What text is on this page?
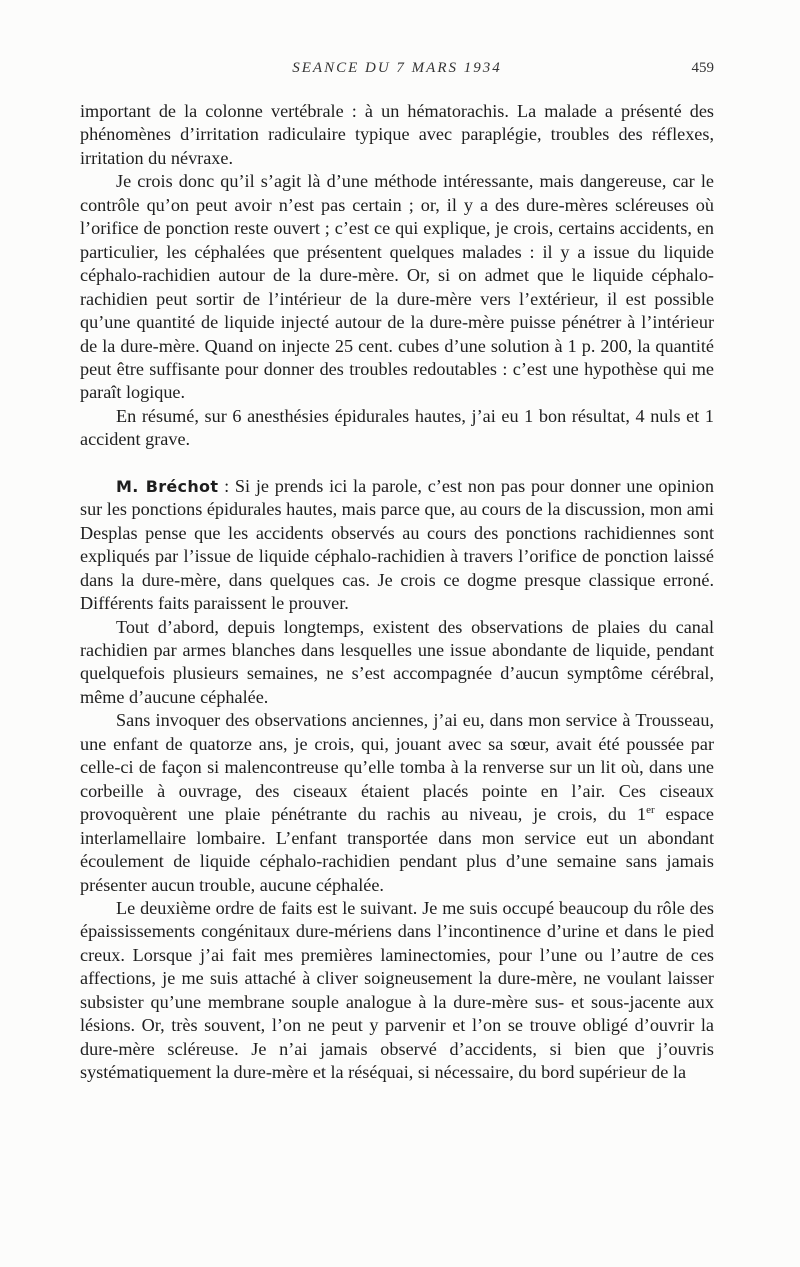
SEANCE DU 7 MARS 1934	459

important de la colonne vertébrale : à un hématorachis. La malade a présenté des phénomènes d’irritation radiculaire typique avec paraplégie, troubles des réflexes, irritation du névraxe.

Je crois donc qu’il s’agit là d’une méthode intéressante, mais dangereuse, car le contrôle qu’on peut avoir n’est pas certain ; or, il y a des dure-mères scléreuses où l’orifice de ponction reste ouvert ; c’est ce qui explique, je crois, certains accidents, en particulier, les céphalées que présentent quelques malades : il y a issue du liquide céphalo-rachidien autour de la dure-mère. Or, si on admet que le liquide céphalo-rachidien peut sortir de l’intérieur de la dure-mère vers l’extérieur, il est possible qu’une quantité de liquide injecté autour de la dure-mère puisse pénétrer à l’intérieur de la dure-mère. Quand on injecte 25 cent. cubes d’une solution à 1 p. 200, la quantité peut être suffisante pour donner des troubles redoutables : c’est une hypothèse qui me paraît logique.

En résumé, sur 6 anesthésies épidurales hautes, j’ai eu 1 bon résultat, 4 nuls et 1 accident grave.

M. Bréchot : Si je prends ici la parole, c’est non pas pour donner une opinion sur les ponctions épidurales hautes, mais parce que, au cours de la discussion, mon ami Desplas pense que les accidents observés au cours des ponctions rachidiennes sont expliqués par l’issue de liquide céphalo-rachidien à travers l’orifice de ponction laissé dans la dure-mère, dans quelques cas. Je crois ce dogme presque classique erroné. Différents faits paraissent le prouver.

Tout d’abord, depuis longtemps, existent des observations de plaies du canal rachidien par armes blanches dans lesquelles une issue abondante de liquide, pendant quelquefois plusieurs semaines, ne s’est accompagnée d’aucun symptôme cérébral, même d’aucune céphalée.

Sans invoquer des observations anciennes, j’ai eu, dans mon service à Trousseau, une enfant de quatorze ans, je crois, qui, jouant avec sa sœur, avait été poussée par celle-ci de façon si malencontreuse qu’elle tomba à la renverse sur un lit où, dans une corbeille à ouvrage, des ciseaux étaient placés pointe en l’air. Ces ciseaux provoquèrent une plaie pénétrante du rachis au niveau, je crois, du 1er espace interlamellaire lombaire. L’enfant transportée dans mon service eut un abondant écoulement de liquide céphalo-rachidien pendant plus d’une semaine sans jamais présenter aucun trouble, aucune céphalée.

Le deuxième ordre de faits est le suivant. Je me suis occupé beaucoup du rôle des épaississements congénitaux dure-mériens dans l’incontinence d’urine et dans le pied creux. Lorsque j’ai fait mes premières laminectomies, pour l’une ou l’autre de ces affections, je me suis attaché à cliver soigneusement la dure-mère, ne voulant laisser subsister qu’une membrane souple analogue à la dure-mère sus- et sous-jacente aux lésions. Or, très souvent, l’on ne peut y parvenir et l’on se trouve obligé d’ouvrir la dure-mère scléreuse. Je n’ai jamais observé d’accidents, si bien que j’ouvris systématiquement la dure-mère et la réséquai, si nécessaire, du bord supérieur de la
